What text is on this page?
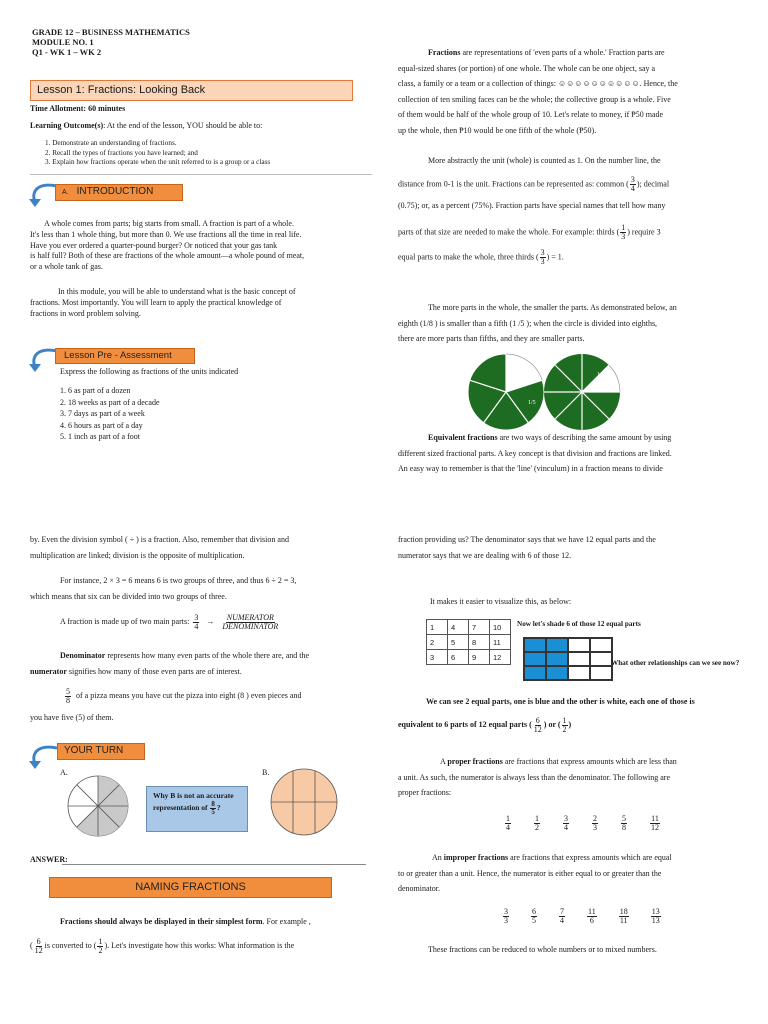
GRADE 12 – BUSINESS MATHEMATICS
MODULE NO. 1
Q1 - WK 1 – WK 2
Lesson 1: Fractions: Looking Back
Time Allotment: 60 minutes
Learning Outcome(s): At the end of the lesson, YOU should be able to:
1. Demonstrate an understanding of fractions.
2. Recall the types of fractions you have learned; and
3. Explain how fractions operate when the unit referred to is a group or a class
A. INTRODUCTION
A whole comes from parts; big starts from small. A fraction is part of a whole.
It's less than 1 whole thing, but more than 0. We use fractions all the time in real life.
Have you ever ordered a quarter-pound burger? Or noticed that your gas tank
is half full? Both of these are fractions of the whole amount—a whole pound of meat,
or a whole tank of gas.
In this module, you will be able to understand what is the basic concept of
fractions. Most importantly. You will learn to apply the practical knowledge of
fractions in word problem solving.
Lesson Pre - Assessment
Express the following as fractions of the units indicated
1. 6 as part of a dozen
2. 18 weeks as part of a decade
3. 7 days as part of a week
4. 6 hours as part of a day
5. 1 inch as part of a foot
Fractions are representations of 'even parts of a whole.' Fraction parts are
equal-sized shares (or portion) of one whole. The whole can be one object, say a
class, a family or a team or a collection of things: ☺☺☺☺☺☺☺☺☺☺. Hence, the
collection of ten smiling faces can be the whole; the collective group is a whole. Five
of them would be half of the whole group of 10. Let's relate to money, if ₱50 made
up the whole, then ₱10 would be one fifth of the whole (₱50).
More abstractly the unit (whole) is counted as 1. On the number line, the
distance from 0-1 is the unit. Fractions can be represented as: common ( $\frac{3}{4}$ ); decimal
(0.75); or, as a percent (75%). Fraction parts have special names that tell how many
parts of that size are needed to make the whole. For example: thirds ( $\frac{1}{3}$ ) require 3
equal parts to make the whole, three thirds ( $\frac{3}{3}$ ) = 1.
The more parts in the whole, the smaller the parts. As demonstrated below, an
eighth (1/8 ) is smaller than a fifth (1 /5 ); when the circle is divided into eighths,
there are more parts than fifths, and they are smaller parts.
1/5
1/8
Equivalent fractions are two ways of describing the same amount by using
different sized fractional parts. A key concept is that division and fractions are linked.
An easy way to remember is that the 'line' (vinculum) in a fraction means to divide
by. Even the division symbol ( ÷ ) is a fraction. Also, remember that division and
multiplication are linked; division is the opposite of multiplication.
For instance, 2 × 3 = 6 means 6 is two groups of three, and thus 6 ÷ 2 = 3,
which means that six can be divided into two groups of three.
A fraction is made up of two main parts: $\frac{3}{4} \to \frac{\text{NUMERATOR}}{\text{DENOMINATOR}}$
Denominator represents how many even parts of the whole there are, and the
numerator signifies how many of those even parts are of interest.
$\frac{5}{8}$ of a pizza means you have cut the pizza into eight (8 ) even pieces and
you have five (5) of them.
YOUR TURN
A.
Why B is not an accurate representation of $\frac{8}{5}$ ?
B.
ANSWER:
NAMING FRACTIONS
Fractions should always be displayed in their simplest form. For example ,
( $\frac{6}{12}$ is converted to ( $\frac{1}{2}$ ). Let's investigate how this works: What information is the
fraction providing us? The denominator says that we have 12 equal parts and the
numerator says that we are dealing with 6 of those 12.
It makes it easier to visualize this, as below:
1	4	7	10
2	5	8	11
3	6	9	12
Now let's shade 6 of those 12 equal parts
What other relationships can we see now?
We can see 2 equal parts, one is blue and the other is white, each one of those is
equivalent to 6 parts of 12 equal parts ( $\frac{6}{12}$ ) or ( $\frac{1}{2}$ )
A proper fractions are fractions that express amounts which are less than
a unit. As such, the numerator is always less than the denominator. The following are
proper fractions:
$\frac{1}{4}$	$\frac{1}{2}$	$\frac{3}{4}$	$\frac{2}{3}$	$\frac{5}{8}$	$\frac{11}{12}$
An improper fractions are fractions that express amounts which are equal
to or greater than a unit. Hence, the numerator is either equal to or greater than the
denominator.
$\frac{3}{3}$	$\frac{6}{5}$	$\frac{7}{4}$	$\frac{11}{6}$	$\frac{18}{11}$	$\frac{13}{13}$
These fractions can be reduced to whole numbers or to mixed numbers.
